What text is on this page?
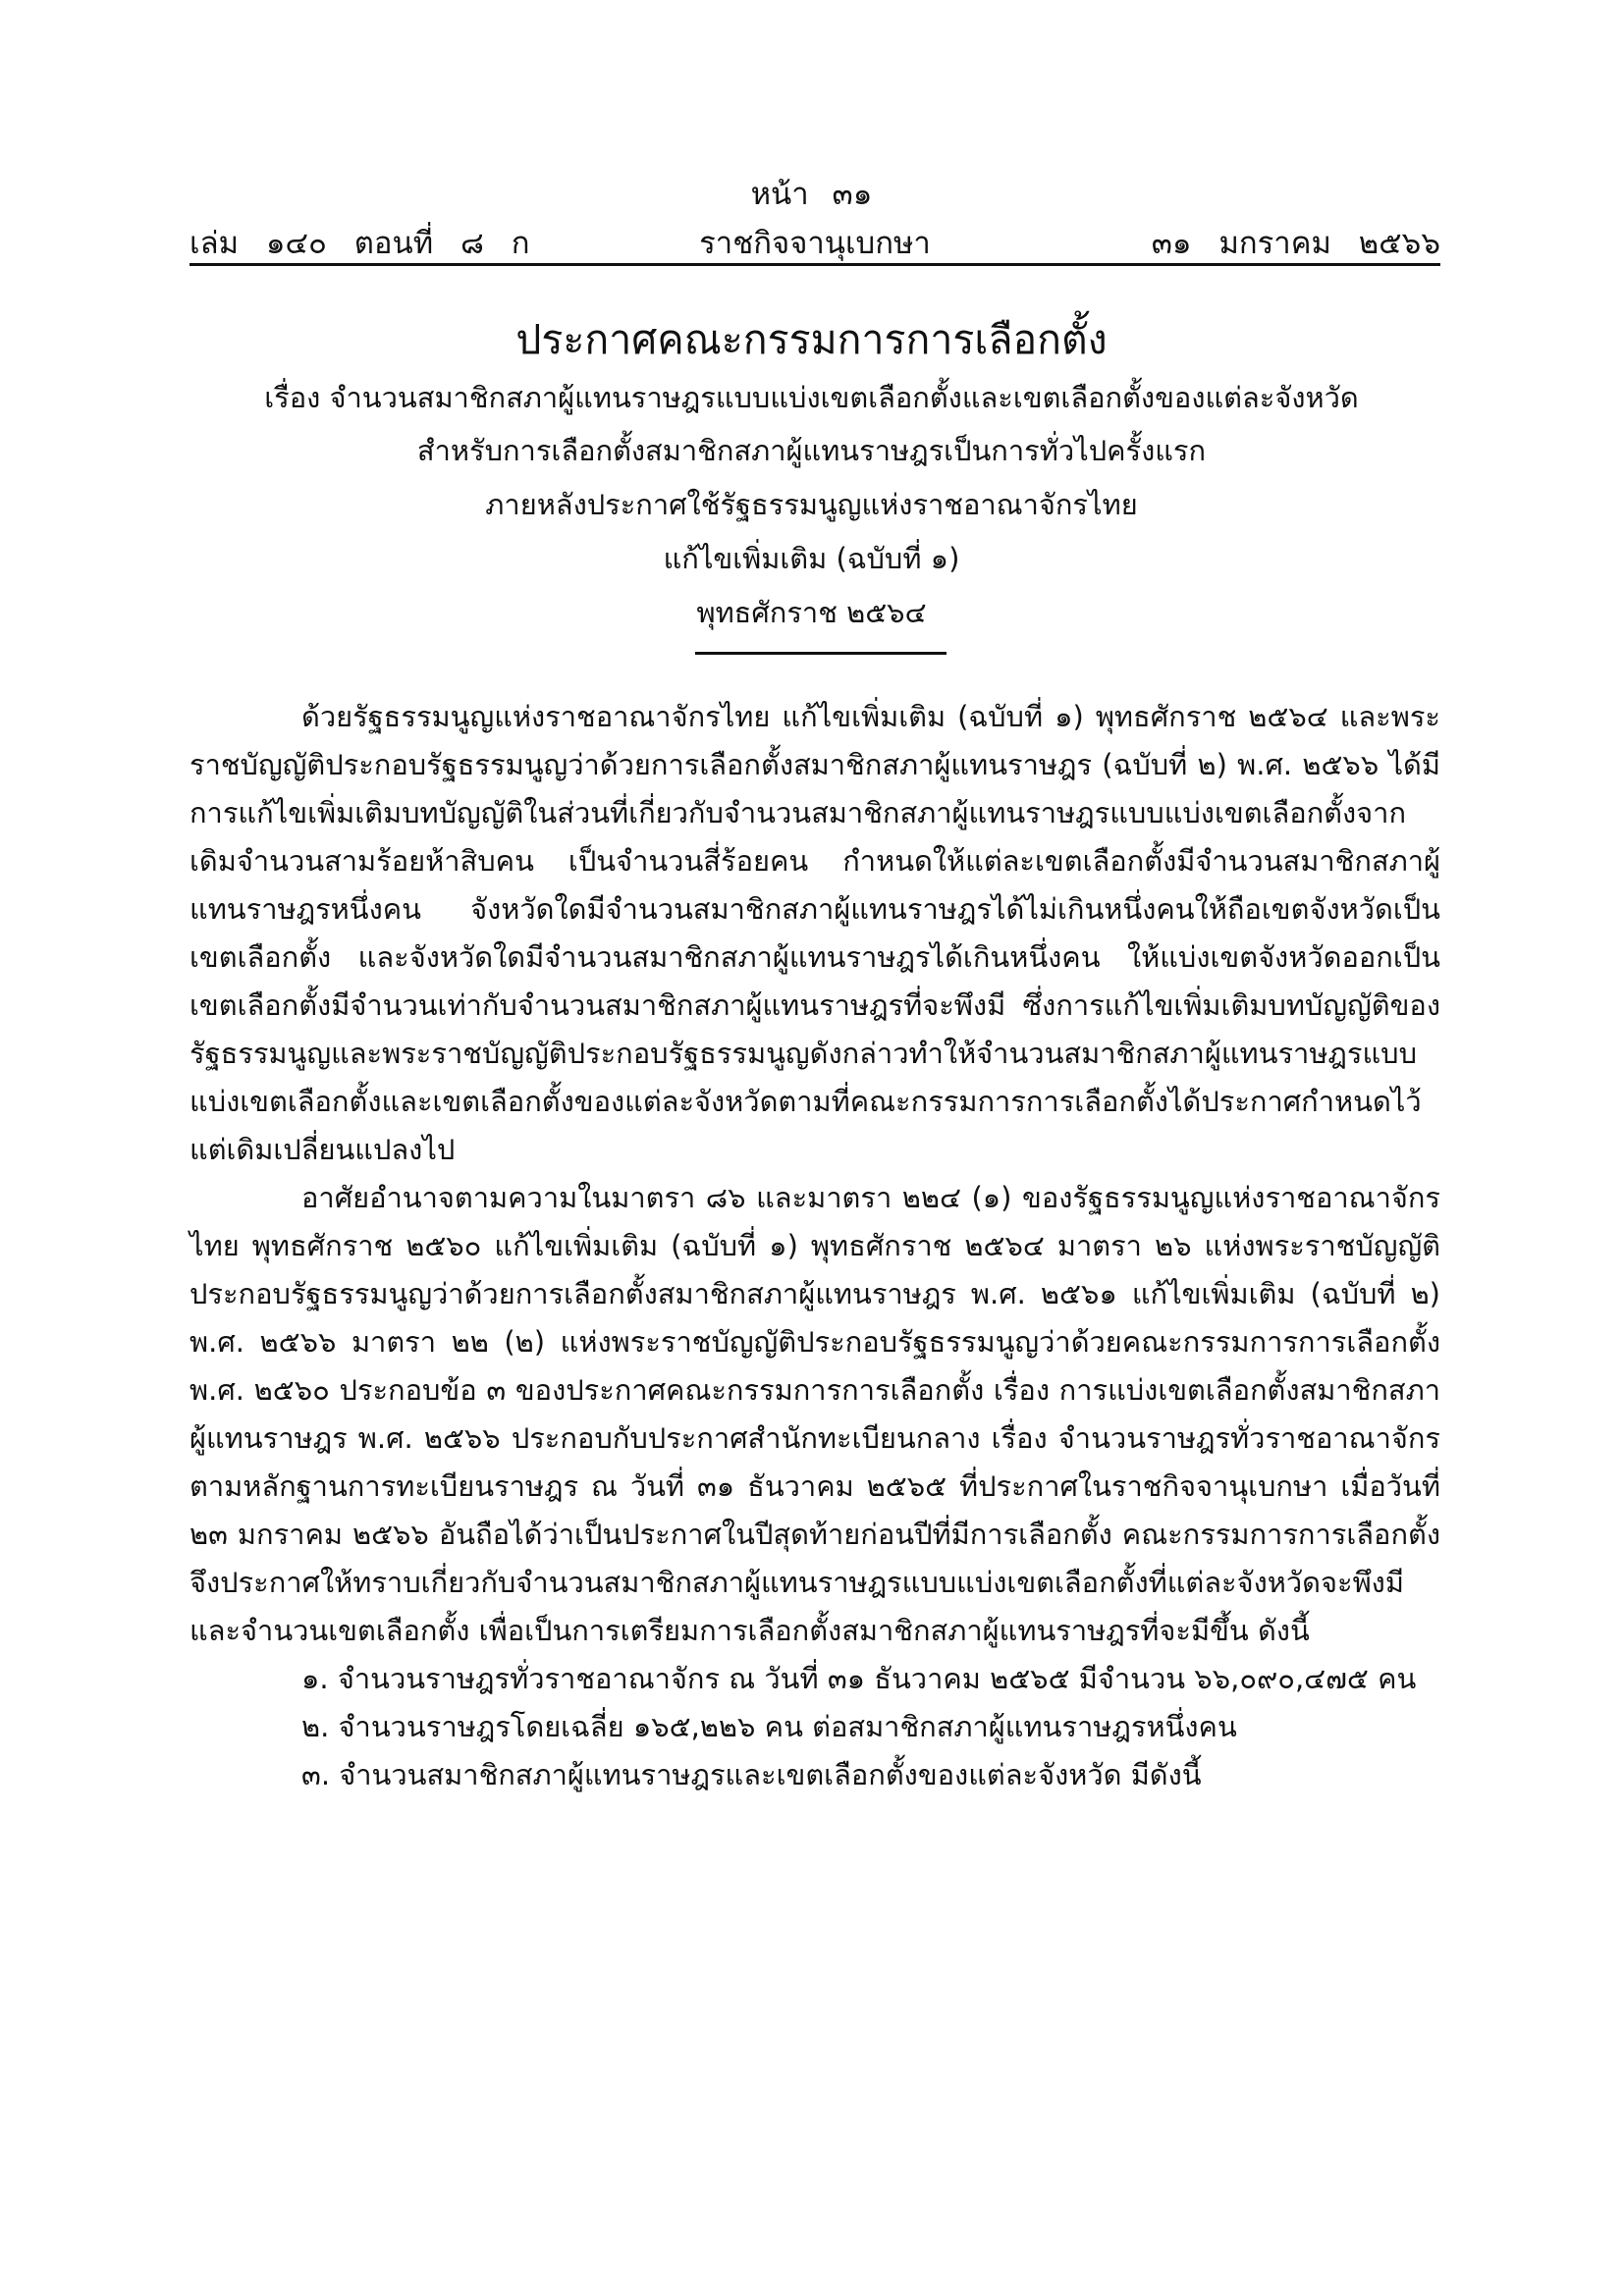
หน้า ๓๑
ราชกิจจานุเบกษา
เล่ม ๑๔๐ ตอนที่ ๘ ก	๓๑ มกราคม ๒๕๖๖
ประกาศคณะกรรมการการเลือกตั้ง
เรื่อง จำนวนสมาชิกสภาผู้แทนราษฎรแบบแบ่งเขตเลือกตั้งและเขตเลือกตั้งของแต่ละจังหวัด
สำหรับการเลือกตั้งสมาชิกสภาผู้แทนราษฎรเป็นการทั่วไปครั้งแรก
ภายหลังประกาศใช้รัฐธรรมนูญแห่งราชอาณาจักรไทย
แก้ไขเพิ่มเติม (ฉบับที่ ๑)
พุทธศักราช ๒๕๖๔

ด้วยรัฐธรรมนูญแห่งราชอาณาจักรไทย แก้ไขเพิ่มเติม (ฉบับที่ ๑) พุทธศักราช ๒๕๖๔ และพระราชบัญญัติประกอบรัฐธรรมนูญว่าด้วยการเลือกตั้งสมาชิกสภาผู้แทนราษฎร (ฉบับที่ ๒) พ.ศ. ๒๕๖๖ ได้มีการแก้ไขเพิ่มเติมบทบัญญัติในส่วนที่เกี่ยวกับจำนวนสมาชิกสภาผู้แทนราษฎรแบบแบ่งเขตเลือกตั้งจากเดิมจำนวนสามร้อยห้าสิบคน เป็นจำนวนสี่ร้อยคน กำหนดให้แต่ละเขตเลือกตั้งมีจำนวนสมาชิกสภาผู้แทนราษฎรหนึ่งคน จังหวัดใดมีจำนวนสมาชิกสภาผู้แทนราษฎรได้ไม่เกินหนึ่งคนให้ถือเขตจังหวัดเป็นเขตเลือกตั้ง และจังหวัดใดมีจำนวนสมาชิกสภาผู้แทนราษฎรได้เกินหนึ่งคน ให้แบ่งเขตจังหวัดออกเป็นเขตเลือกตั้งมีจำนวนเท่ากับจำนวนสมาชิกสภาผู้แทนราษฎรที่จะพึงมี ซึ่งการแก้ไขเพิ่มเติมบทบัญญัติของรัฐธรรมนูญและพระราชบัญญัติประกอบรัฐธรรมนูญดังกล่าวทำให้จำนวนสมาชิกสภาผู้แทนราษฎรแบบแบ่งเขตเลือกตั้งและเขตเลือกตั้งของแต่ละจังหวัดตามที่คณะกรรมการการเลือกตั้งได้ประกาศกำหนดไว้แต่เดิมเปลี่ยนแปลงไป

อาศัยอำนาจตามความในมาตรา ๘๖ และมาตรา ๒๒๔ (๑) ของรัฐธรรมนูญแห่งราชอาณาจักรไทย พุทธศักราช ๒๕๖๐ แก้ไขเพิ่มเติม (ฉบับที่ ๑) พุทธศักราช ๒๕๖๔ มาตรา ๒๖ แห่งพระราชบัญญัติประกอบรัฐธรรมนูญว่าด้วยการเลือกตั้งสมาชิกสภาผู้แทนราษฎร พ.ศ. ๒๕๖๑ แก้ไขเพิ่มเติม (ฉบับที่ ๒) พ.ศ. ๒๕๖๖ มาตรา ๒๒ (๒) แห่งพระราชบัญญัติประกอบรัฐธรรมนูญว่าด้วยคณะกรรมการการเลือกตั้ง พ.ศ. ๒๕๖๐ ประกอบข้อ ๓ ของประกาศคณะกรรมการการเลือกตั้ง เรื่อง การแบ่งเขตเลือกตั้งสมาชิกสภาผู้แทนราษฎร พ.ศ. ๒๕๖๖ ประกอบกับประกาศสำนักทะเบียนกลาง เรื่อง จำนวนราษฎรทั่วราชอาณาจักร ตามหลักฐานการทะเบียนราษฎร ณ วันที่ ๓๑ ธันวาคม ๒๕๖๕ ที่ประกาศในราชกิจจานุเบกษา เมื่อวันที่ ๒๓ มกราคม ๒๕๖๖ อันถือได้ว่าเป็นประกาศในปีสุดท้ายก่อนปีที่มีการเลือกตั้ง คณะกรรมการการเลือกตั้งจึงประกาศให้ทราบเกี่ยวกับจำนวนสมาชิกสภาผู้แทนราษฎรแบบแบ่งเขตเลือกตั้งที่แต่ละจังหวัดจะพึงมีและจำนวนเขตเลือกตั้ง เพื่อเป็นการเตรียมการเลือกตั้งสมาชิกสภาผู้แทนราษฎรที่จะมีขึ้น ดังนี้

๑. จำนวนราษฎรทั่วราชอาณาจักร ณ วันที่ ๓๑ ธันวาคม ๒๕๖๕ มีจำนวน ๖๖,๐๙๐,๔๗๕ คน

๒. จำนวนราษฎรโดยเฉลี่ย ๑๖๕,๒๒๖ คน ต่อสมาชิกสภาผู้แทนราษฎรหนึ่งคน

๓. จำนวนสมาชิกสภาผู้แทนราษฎรและเขตเลือกตั้งของแต่ละจังหวัด มีดังนี้
